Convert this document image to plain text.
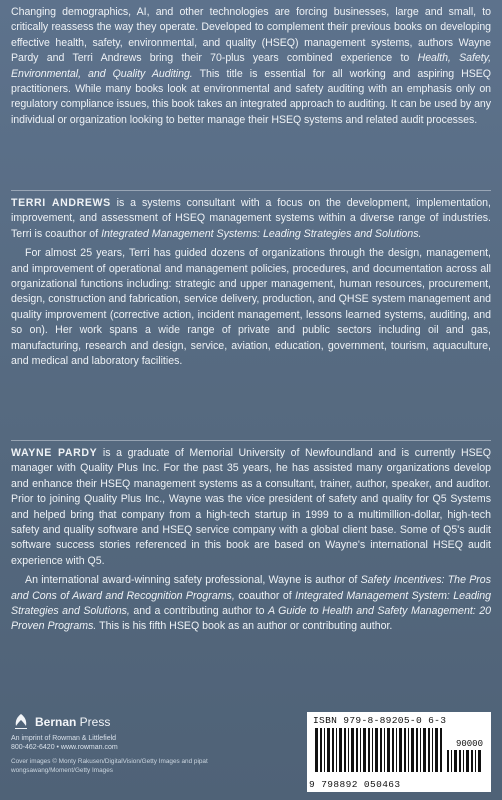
Changing demographics, AI, and other technologies are forcing businesses, large and small, to critically reassess the way they operate. Developed to complement their previous books on developing effective health, safety, environmental, and quality (HSEQ) management systems, authors Wayne Pardy and Terri Andrews bring their 70-plus years combined experience to Health, Safety, Environmental, and Quality Auditing. This title is essential for all working and aspiring HSEQ practitioners. While many books look at environmental and safety auditing with an emphasis only on regulatory compliance issues, this book takes an integrated approach to auditing. It can be used by any individual or organization looking to better manage their HSEQ systems and related audit processes.

TERRI ANDREWS is a systems consultant with a focus on the development, implementation, improvement, and assessment of HSEQ management systems within a diverse range of industries. Terri is coauthor of Integrated Management Systems: Leading Strategies and Solutions.

For almost 25 years, Terri has guided dozens of organizations through the design, management, and improvement of operational and management policies, procedures, and documentation across all organizational functions including: strategic and upper management, human resources, procurement, design, construction and fabrication, service delivery, production, and QHSE system management and quality improvement (corrective action, incident management, lessons learned systems, auditing, and so on). Her work spans a wide range of private and public sectors including oil and gas, manufacturing, research and design, service, aviation, education, government, tourism, aquaculture, and medical and laboratory facilities.

WAYNE PARDY is a graduate of Memorial University of Newfoundland and is currently HSEQ manager with Quality Plus Inc. For the past 35 years, he has assisted many organizations develop and enhance their HSEQ management systems as a consultant, trainer, author, speaker, and auditor. Prior to joining Quality Plus Inc., Wayne was the vice president of safety and quality for Q5 Systems and helped bring that company from a high-tech startup in 1999 to a multimillion-dollar, high-tech safety and quality software and HSEQ service company with a global client base. Some of Q5's audit software success stories referenced in this book are based on Wayne's international HSEQ audit experience with Q5.

An international award-winning safety professional, Wayne is author of Safety Incentives: The Pros and Cons of Award and Recognition Programs, coauthor of Integrated Management System: Leading Strategies and Solutions, and a contributing author to A Guide to Health and Safety Management: 20 Proven Programs. This is his fifth HSEQ book as an author or contributing author.

Bernan Press
An imprint of Rowman & Littlefield
800-462-6420 • www.rowman.com
Cover images © Monty Rakusen/DigitalVision/Getty Images and pipat wongsawang/Moment/Getty Images
ISBN 979-8-89205-0 6-3
90000
9 798892 050463
